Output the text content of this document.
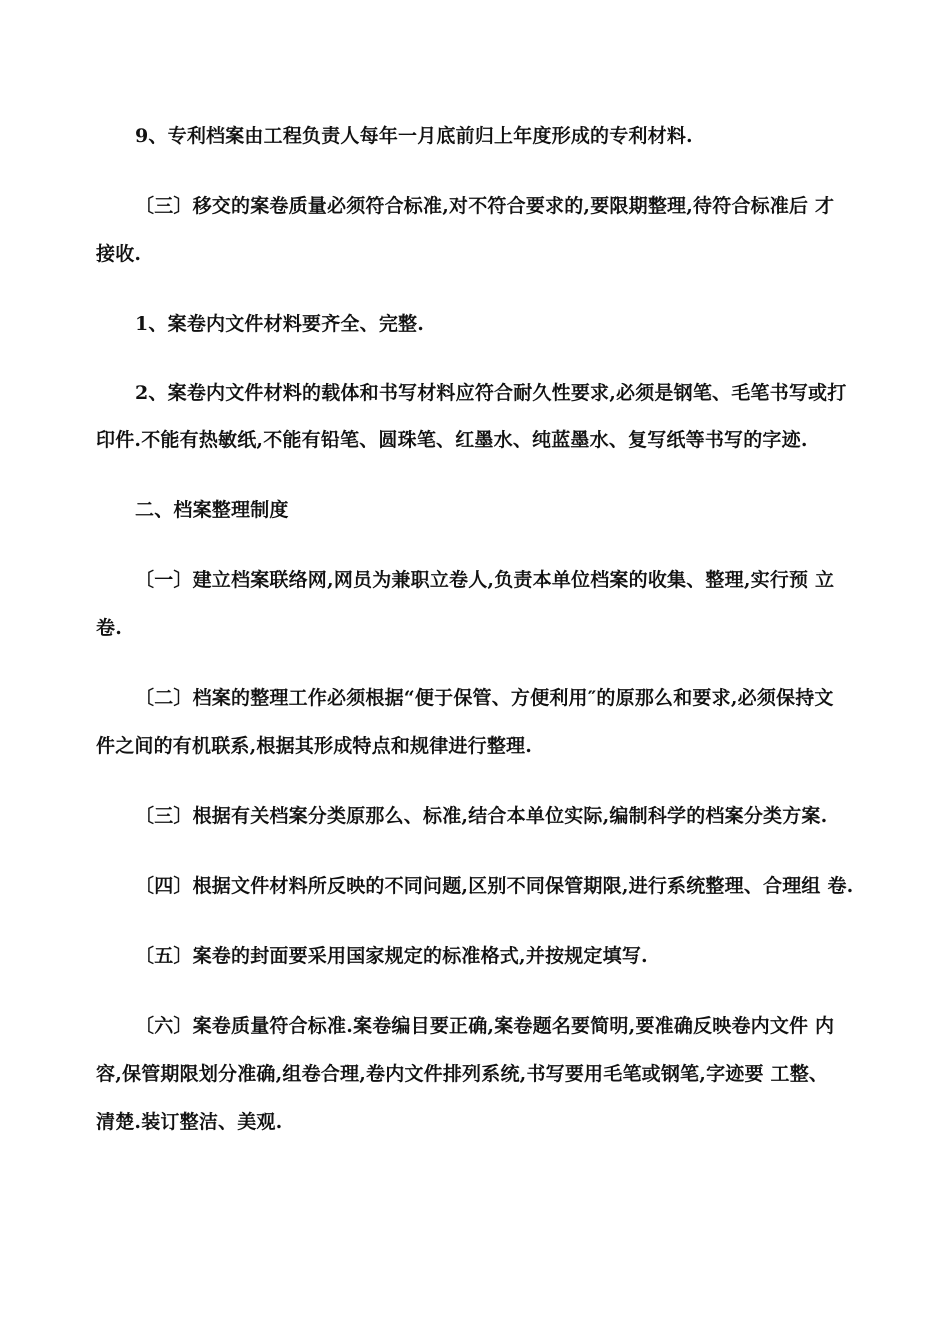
9、专利档案由工程负责人每年一月底前归上年度形成的专利材料.
〔三〕移交的案卷质量必须符合标准,对不符合要求的,要限期整理,待符合标准后 才
接收.
1、案卷内文件材料要齐全、完整.
2、案卷内文件材料的载体和书写材料应符合耐久性要求,必须是钢笔、毛笔书写或打
印件.不能有热敏纸,不能有铅笔、圆珠笔、红墨水、纯蓝墨水、复写纸等书写的字迹.
二、档案整理制度
〔一〕建立档案联络网,网员为兼职立卷人,负责本单位档案的收集、整理,实行预 立
卷.
〔二〕档案的整理工作必须根据“便于保管、方便利用″的原那么和要求,必须保持文
件之间的有机联系,根据其形成特点和规律进行整理.
〔三〕根据有关档案分类原那么、标准,结合本单位实际,编制科学的档案分类方案.
〔四〕根据文件材料所反映的不同问题,区别不同保管期限,进行系统整理、合理组 卷.
〔五〕案卷的封面要采用国家规定的标准格式,并按规定填写.
〔六〕案卷质量符合标准.案卷编目要正确,案卷题名要简明,要准确反映卷内文件 内
容,保管期限划分准确,组卷合理,卷内文件排列系统,书写要用毛笔或钢笔,字迹要 工整、
清楚.装订整洁、美观.
